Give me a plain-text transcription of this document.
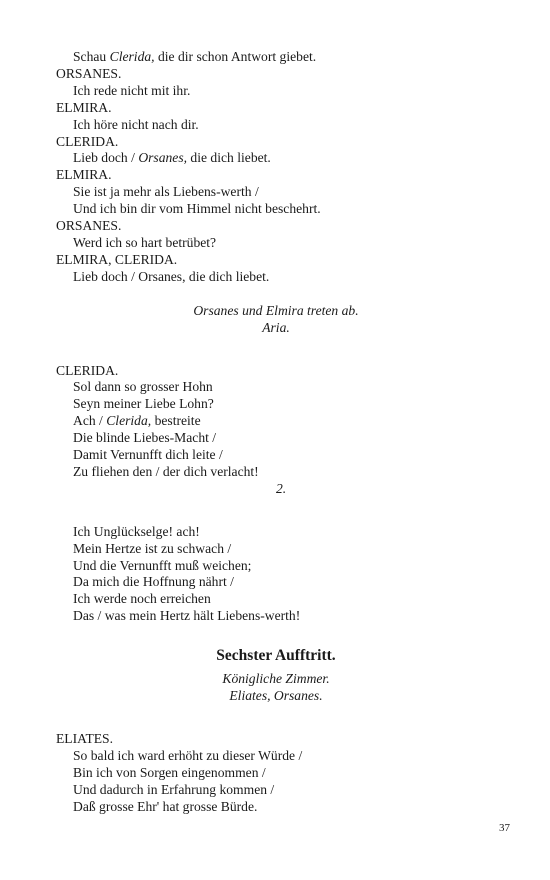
Schau Clerida, die dir schon Antwort giebet.
ORSANES.
Ich rede nicht mit ihr.
ELMIRA.
Ich höre nicht nach dir.
CLERIDA.
Lieb doch / Orsanes, die dich liebet.
ELMIRA.
Sie ist ja mehr als Liebens-werth /
Und ich bin dir vom Himmel nicht beschehrt.
ORSANES.
Werd ich so hart betrübet?
ELMIRA, CLERIDA.
Lieb doch / Orsanes, die dich liebet.
Orsanes und Elmira treten ab.
Aria.
CLERIDA.
Sol dann so grosser Hohn
Seyn meiner Liebe Lohn?
Ach / Clerida, bestreite
Die blinde Liebes-Macht /
Damit Vernunfft dich leite /
Zu fliehen den / der dich verlacht!
2.
Ich Unglückselge! ach!
Mein Hertze ist zu schwach /
Und die Vernunfft muß weichen;
Da mich die Hoffnung nährt /
Ich werde noch erreichen
Das / was mein Hertz hält Liebens-werth!
Sechster Aufftritt.
Königliche Zimmer.
Eliates, Orsanes.
ELIATES.
So bald ich ward erhöht zu dieser Würde /
Bin ich von Sorgen eingenommen /
Und dadurch in Erfahrung kommen /
Daß grosse Ehr' hat grosse Bürde.
37
